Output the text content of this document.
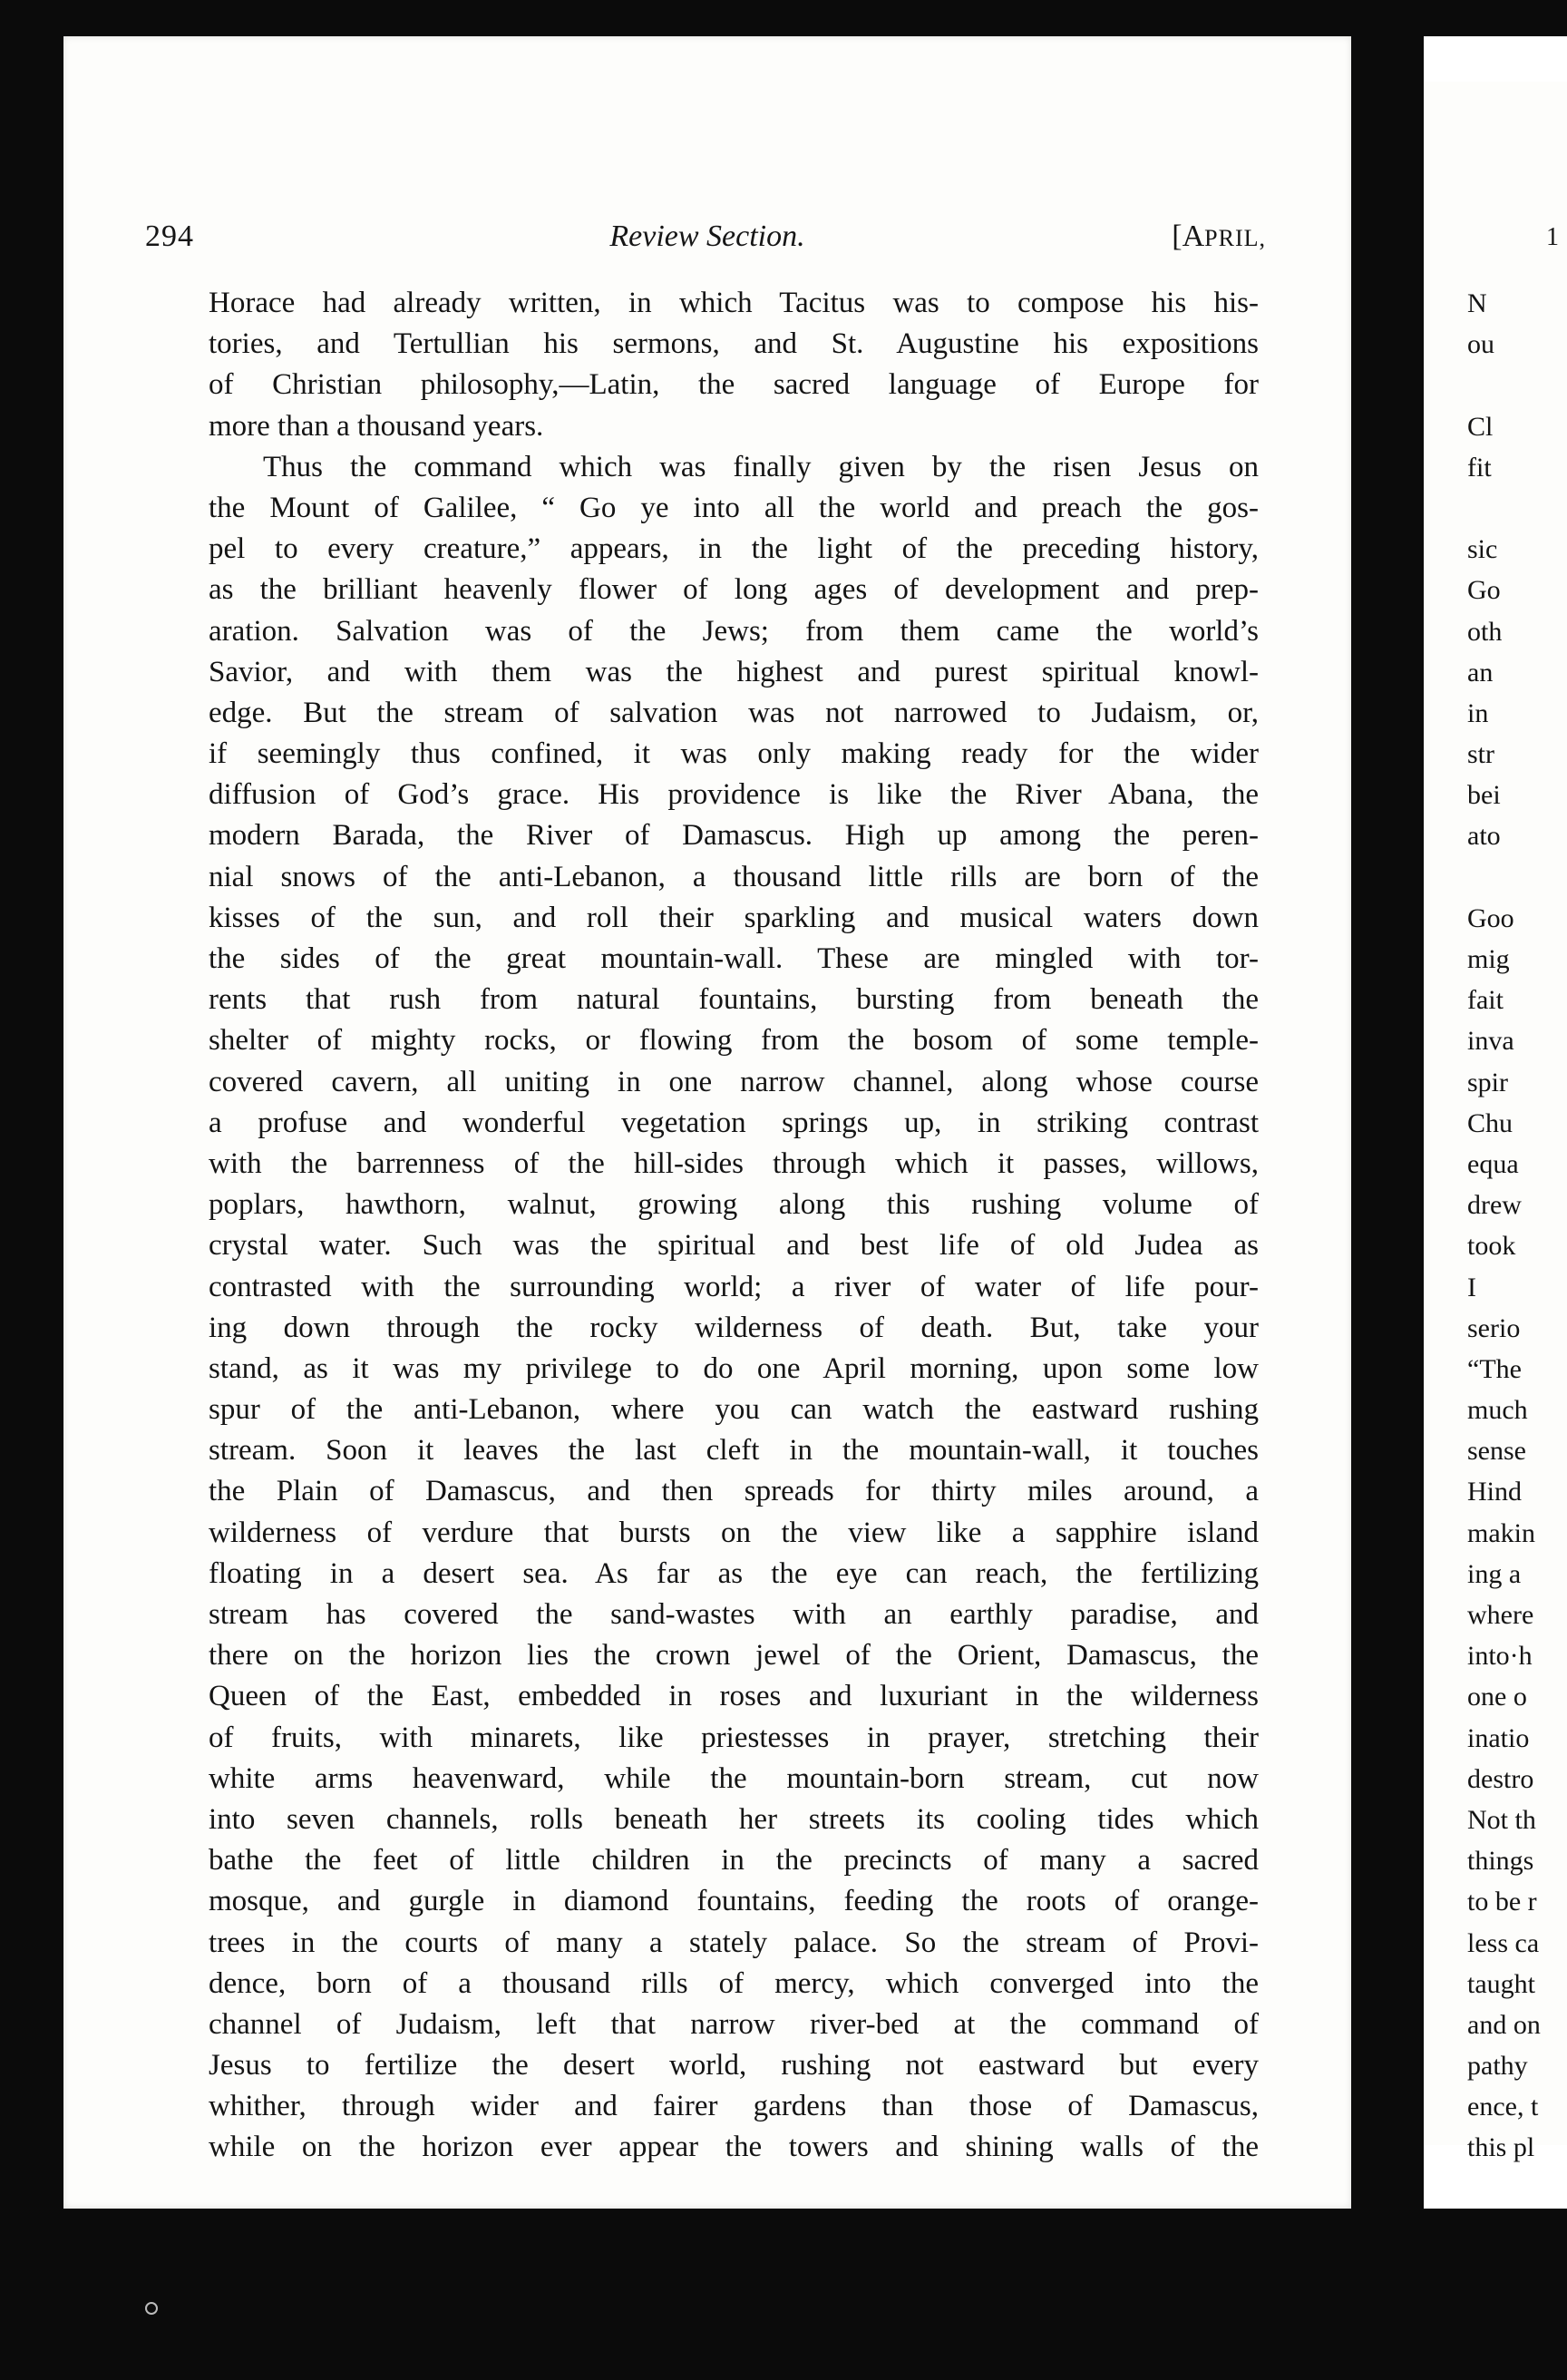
294	Review Section.	[APRIL,
Horace had already written, in which Tacitus was to compose his his-
tories, and Tertullian his sermons, and St. Augustine his expositions
of Christian philosophy,—Latin, the sacred language of Europe for
more than a thousand years.
Thus the command which was finally given by the risen Jesus on
the Mount of Galilee, “ Go ye into all the world and preach the gos-
pel to every creature,” appears, in the light of the preceding history,
as the brilliant heavenly flower of long ages of development and prep-
aration. Salvation was of the Jews; from them came the world’s
Savior, and with them was the highest and purest spiritual knowl-
edge. But the stream of salvation was not narrowed to Judaism, or,
if seemingly thus confined, it was only making ready for the wider
diffusion of God’s grace. His providence is like the River Abana, the
modern Barada, the River of Damascus. High up among the peren-
nial snows of the anti-Lebanon, a thousand little rills are born of the
kisses of the sun, and roll their sparkling and musical waters down
the sides of the great mountain-wall. These are mingled with tor-
rents that rush from natural fountains, bursting from beneath the
shelter of mighty rocks, or flowing from the bosom of some temple-
covered cavern, all uniting in one narrow channel, along whose course
a profuse and wonderful vegetation springs up, in striking contrast
with the barrenness of the hill-sides through which it passes, willows,
poplars, hawthorn, walnut, growing along this rushing volume of
crystal water. Such was the spiritual and best life of old Judea as
contrasted with the surrounding world; a river of water of life pour-
ing down through the rocky wilderness of death. But, take your
stand, as it was my privilege to do one April morning, upon some low
spur of the anti-Lebanon, where you can watch the eastward rushing
stream. Soon it leaves the last cleft in the mountain-wall, it touches
the Plain of Damascus, and then spreads for thirty miles around, a
wilderness of verdure that bursts on the view like a sapphire island
floating in a desert sea. As far as the eye can reach, the fertilizing
stream has covered the sand-wastes with an earthly paradise, and
there on the horizon lies the crown jewel of the Orient, Damascus, the
Queen of the East, embedded in roses and luxuriant in the wilderness
of fruits, with minarets, like priestesses in prayer, stretching their
white arms heavenward, while the mountain-born stream, cut now
into seven channels, rolls beneath her streets its cooling tides which
bathe the feet of little children in the precincts of many a sacred
mosque, and gurgle in diamond fountains, feeding the roots of orange-
trees in the courts of many a stately palace. So the stream of Provi-
dence, born of a thousand rills of mercy, which converged into the
channel of Judaism, left that narrow river-bed at the command of
Jesus to fertilize the desert world, rushing not eastward but every
whither, through wider and fairer gardens than those of Damascus,
while on the horizon ever appear the towers and shining walls of the
1
N
ou
Cl
fit
sic
Go
oth
an
in
str
bei
ato
Goo
mig
fait
inva
spir
Chu
equa
drew
took
I
serio
“The
much
sense
Hind
makin
ing a
where
into·h
one o
inatio
destro
Not th
things
to be r
less ca
taught
and on
pathy
ence, t
this pl
